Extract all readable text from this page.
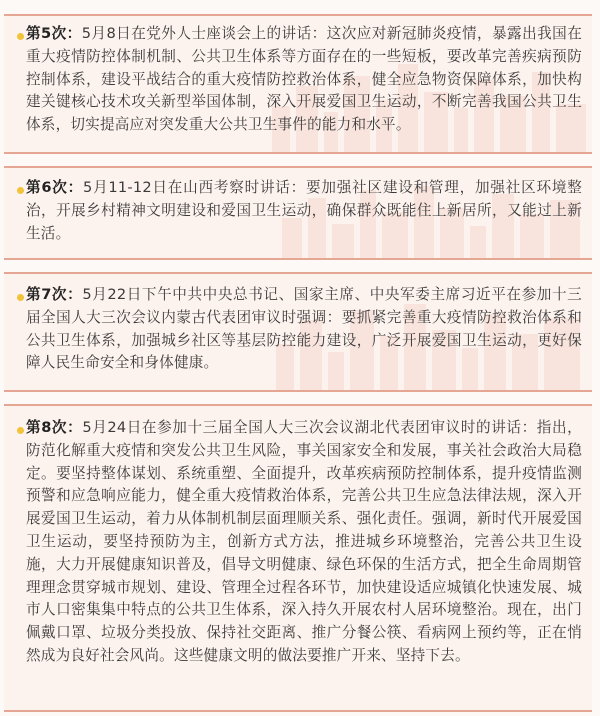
第5次：5月8日在党外人士座谈会上的讲话：这次应对新冠肺炎疫情，暴露出我国在重大疫情防控体制机制、公共卫生体系等方面存在的一些短板，要改革完善疾病预防控制体系，建设平战结合的重大疫情防控救治体系，健全应急物资保障体系，加快构建关键核心技术攻关新型举国体制，深入开展爱国卫生运动，不断完善我国公共卫生体系，切实提高应对突发重大公共卫生事件的能力和水平。
第6次：5月11-12日在山西考察时讲话：要加强社区建设和管理，加强社区环境整治，开展乡村精神文明建设和爱国卫生运动，确保群众既能住上新居所，又能过上新生活。
第7次：5月22日下午中共中央总书记、国家主席、中央军委主席习近平在参加十三届全国人大三次会议内蒙古代表团审议时强调：要抓紧完善重大疫情防控救治体系和公共卫生体系，加强城乡社区等基层防控能力建设，广泛开展爱国卫生运动，更好保障人民生命安全和身体健康。
第8次：5月24日在参加十三届全国人大三次会议湖北代表团审议时的讲话：指出，防范化解重大疫情和突发公共卫生风险，事关国家安全和发展，事关社会政治大局稳定。要坚持整体谋划、系统重塑、全面提升，改革疾病预防控制体系，提升疫情监测预警和应急响应能力，健全重大疫情救治体系，完善公共卫生应急法律法规，深入开展爱国卫生运动，着力从体制机制层面理顺关系、强化责任。强调，新时代开展爱国卫生运动，要坚持预防为主，创新方式方法，推进城乡环境整治，完善公共卫生设施，大力开展健康知识普及，倡导文明健康、绿色环保的生活方式，把全生命周期管理理念贯穿城市规划、建设、管理全过程各环节，加快建设适应城镇化快速发展、城市人口密集集中特点的公共卫生体系，深入持久开展农村人居环境整治。现在，出门佩戴口罩、垃圾分类投放、保持社交距离、推广分餐公筷、看病网上预约等，正在悄然成为良好社会风尚。这些健康文明的做法要推广开来、坚持下去。
